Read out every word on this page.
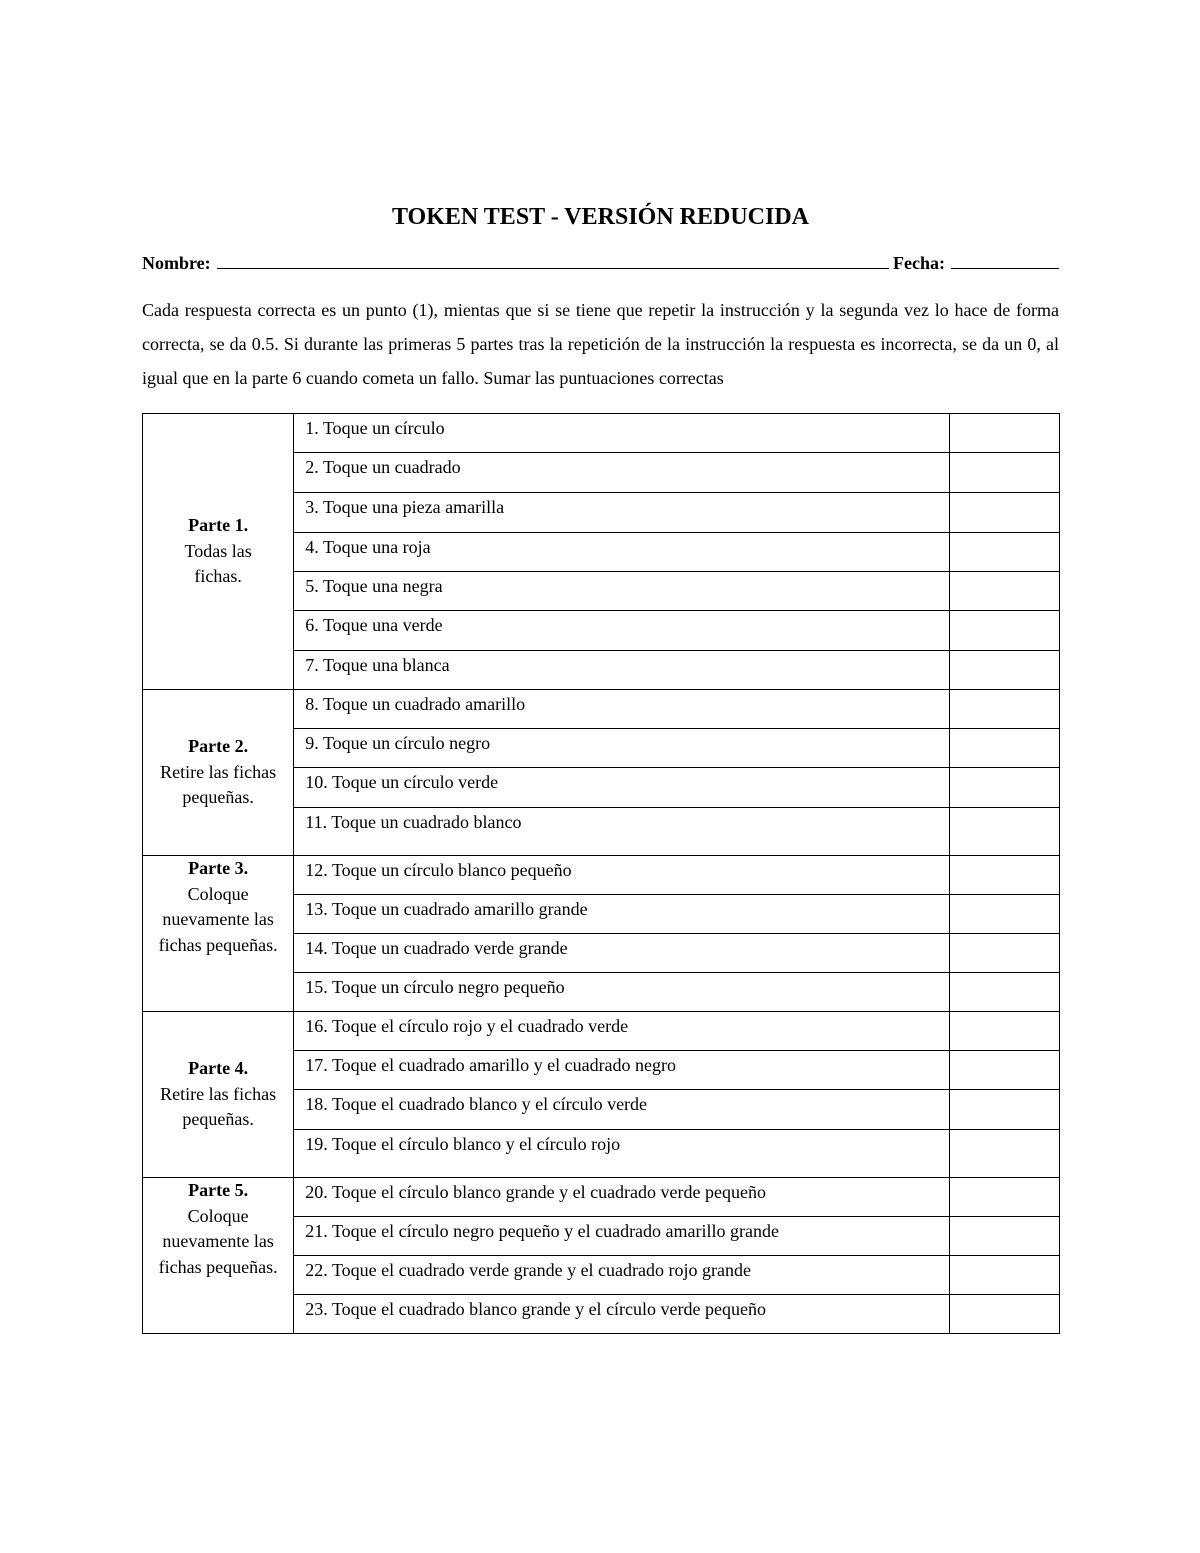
TOKEN TEST - VERSIÓN REDUCIDA
Nombre:	Fecha:
Cada respuesta correcta es un punto (1), mientas que si se tiene que repetir la instrucción y la segunda vez lo hace de forma correcta, se da 0.5. Si durante las primeras 5 partes tras la repetición de la instrucción la respuesta es incorrecta, se da un 0, al igual que en la parte 6 cuando cometa un fallo. Sumar las puntuaciones correctas
Parte 1.
Todas las fichas.	1. Toque un círculo	
	2. Toque un cuadrado	
	3. Toque una pieza amarilla	
	4. Toque una roja	
	5. Toque una negra	
	6. Toque una verde	
	7. Toque una blanca	

Parte 2.
Retire las fichas pequeñas.	8. Toque un cuadrado amarillo	
	9. Toque un círculo negro	
	10. Toque un círculo verde	
	11. Toque un cuadrado blanco	

Parte 3.
Coloque nuevamente las fichas pequeñas.	12. Toque un círculo blanco pequeño	
	13. Toque un cuadrado amarillo grande	
	14. Toque un cuadrado verde grande	
	15. Toque un círculo negro pequeño	

Parte 4.
Retire las fichas pequeñas.	16. Toque el círculo rojo y el cuadrado verde	
	17. Toque el cuadrado amarillo y el cuadrado negro	
	18. Toque el cuadrado blanco y el círculo verde	
	19. Toque el círculo blanco y el círculo rojo	

Parte 5.
Coloque nuevamente las fichas pequeñas.	20. Toque el círculo blanco grande y el cuadrado verde pequeño	
	21. Toque el círculo negro pequeño y el cuadrado amarillo grande	
	22. Toque el cuadrado verde grande y el cuadrado rojo grande	
	23. Toque el cuadrado blanco grande y el círculo verde pequeño	
